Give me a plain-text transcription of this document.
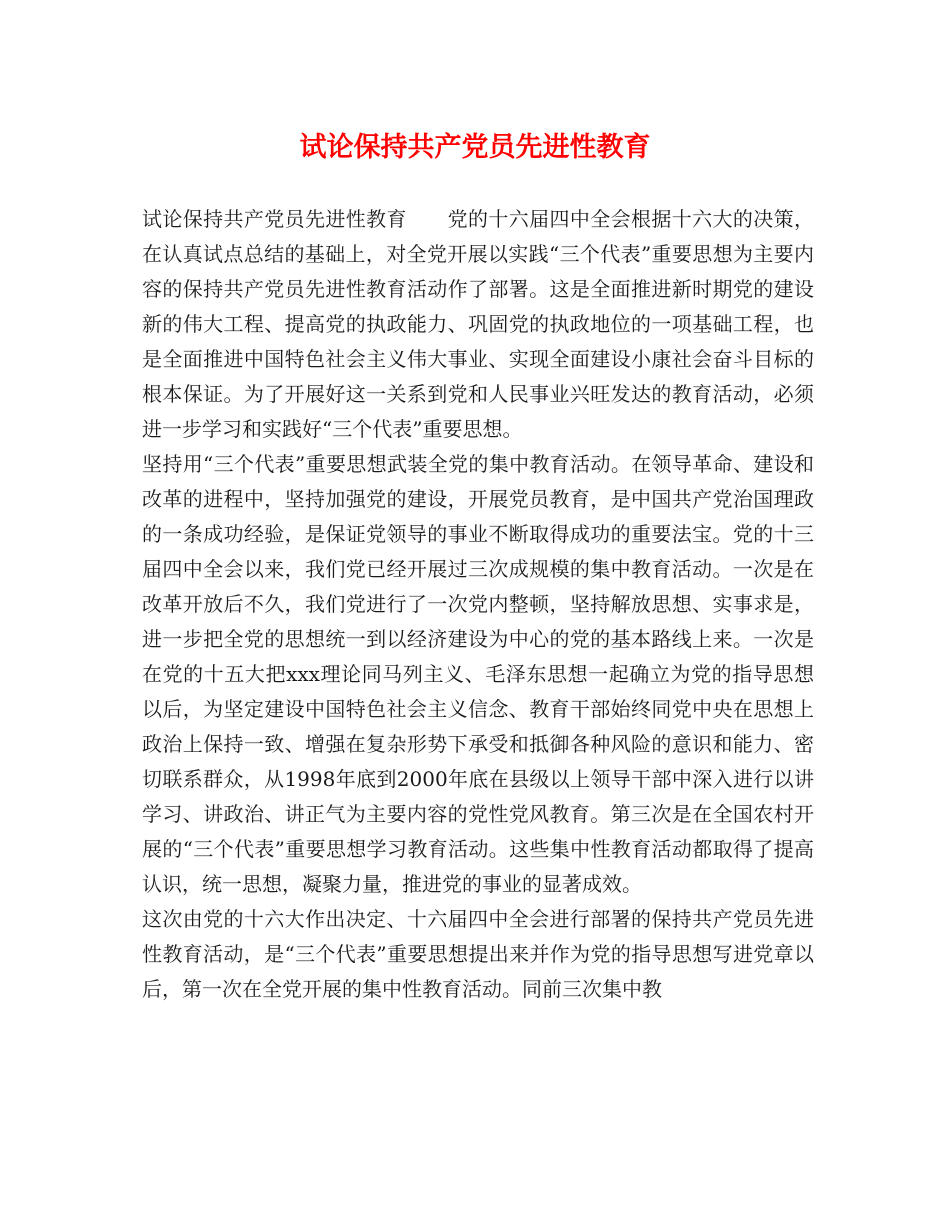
试论保持共产党员先进性教育

试论保持共产党员先进性教育　　党的十六届四中全会根据十六大的决策，在认真试点总结的基础上，对全党开展以实践“三个代表”重要思想为主要内容的保持共产党员先进性教育活动作了部署。这是全面推进新时期党的建设新的伟大工程、提高党的执政能力、巩固党的执政地位的一项基础工程，也是全面推进中国特色社会主义伟大事业、实现全面建设小康社会奋斗目标的根本保证。为了开展好这一关系到党和人民事业兴旺发达的教育活动，必须进一步学习和实践好“三个代表”重要思想。

坚持用“三个代表”重要思想武装全党的集中教育活动。在领导革命、建设和改革的进程中，坚持加强党的建设，开展党员教育，是中国共产党治国理政的一条成功经验，是保证党领导的事业不断取得成功的重要法宝。党的十三届四中全会以来，我们党已经开展过三次成规模的集中教育活动。一次是在改革开放后不久，我们党进行了一次党内整顿，坚持解放思想、实事求是，进一步把全党的思想统一到以经济建设为中心的党的基本路线上来。一次是在党的十五大把xxx理论同马列主义、毛泽东思想一起确立为党的指导思想以后，为坚定建设中国特色社会主义信念、教育干部始终同党中央在思想上政治上保持一致、增强在复杂形势下承受和抵御各种风险的意识和能力、密切联系群众，从1998年底到2000年底在县级以上领导干部中深入进行以讲学习、讲政治、讲正气为主要内容的党性党风教育。第三次是在全国农村开展的“三个代表”重要思想学习教育活动。这些集中性教育活动都取得了提高认识，统一思想，凝聚力量，推进党的事业的显著成效。

这次由党的十六大作出决定、十六届四中全会进行部署的保持共产党员先进性教育活动，是“三个代表”重要思想提出来并作为党的指导思想写进党章以后，第一次在全党开展的集中性教育活动。同前三次集中教
